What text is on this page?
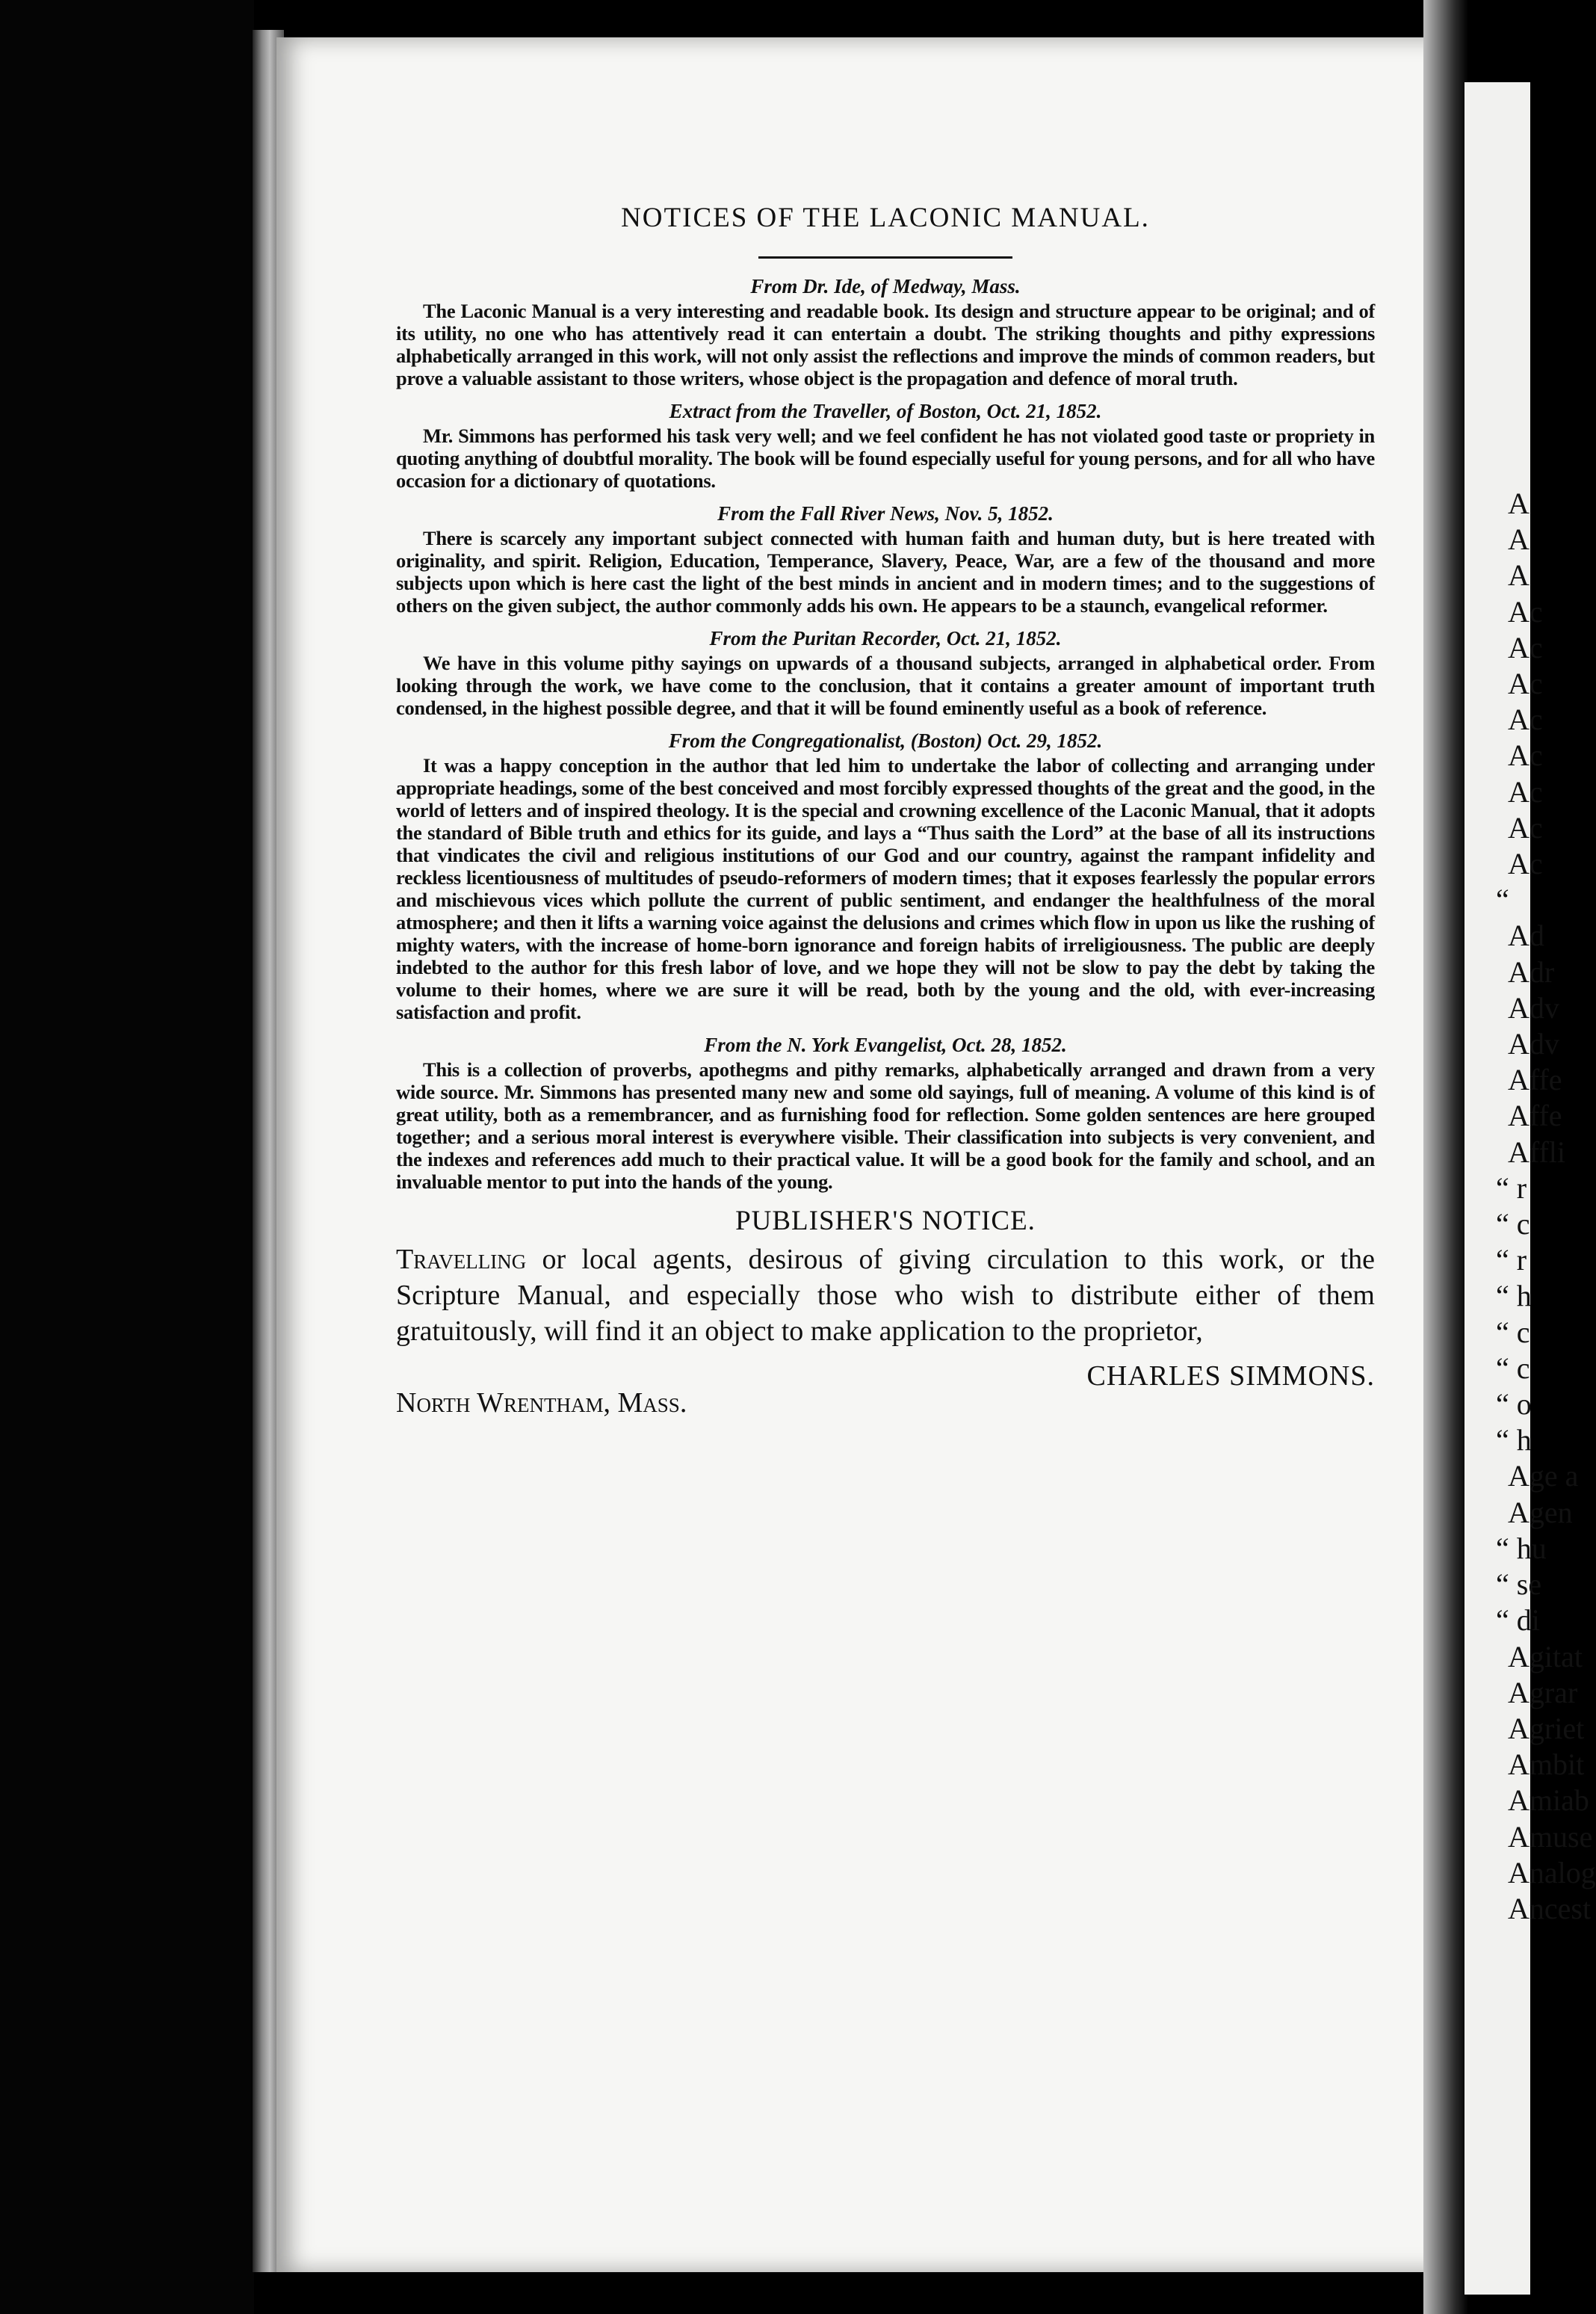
NOTICES OF THE LACONIC MANUAL.

From Dr. Ide, of Medway, Mass.

The Laconic Manual is a very interesting and readable book. Its design and structure appear to be original; and of its utility, no one who has attentively read it can entertain a doubt. The striking thoughts and pithy expressions alphabetically arranged in this work, will not only assist the reflections and improve the minds of common readers, but prove a valuable assistant to those writers, whose object is the propagation and defence of moral truth.

Extract from the Traveller, of Boston, Oct. 21, 1852.

Mr. Simmons has performed his task very well; and we feel confident he has not violated good taste or propriety in quoting anything of doubtful morality. The book will be found especially useful for young persons, and for all who have occasion for a dictionary of quotations.

From the Fall River News, Nov. 5, 1852.

There is scarcely any important subject connected with human faith and human duty, but is here treated with originality, and spirit. Religion, Education, Temperance, Slavery, Peace, War, are a few of the thousand and more subjects upon which is here cast the light of the best minds in ancient and in modern times; and to the suggestions of others on the given subject, the author commonly adds his own. He appears to be a staunch, evangelical reformer.

From the Puritan Recorder, Oct. 21, 1852.

We have in this volume pithy sayings on upwards of a thousand subjects, arranged in alphabetical order. From looking through the work, we have come to the conclusion, that it contains a greater amount of important truth condensed, in the highest possible degree, and that it will be found eminently useful as a book of reference.

From the Congregationalist, (Boston) Oct. 29, 1852.

It was a happy conception in the author that led him to undertake the labor of collecting and arranging under appropriate headings, some of the best conceived and most forcibly expressed thoughts of the great and the good, in the world of letters and of inspired theology. It is the special and crowning excellence of the Laconic Manual, that it adopts the standard of Bible truth and ethics for its guide, and lays a “Thus saith the Lord” at the base of all its instructions that vindicates the civil and religious institutions of our God and our country, against the rampant infidelity and reckless licentiousness of multitudes of pseudo-reformers of modern times; that it exposes fearlessly the popular errors and mischievous vices which pollute the current of public sentiment, and endanger the healthfulness of the moral atmosphere; and then it lifts a warning voice against the delusions and crimes which flow in upon us like the rushing of mighty waters, with the increase of home-born ignorance and foreign habits of irreligiousness. The public are deeply indebted to the author for this fresh labor of love, and we hope they will not be slow to pay the debt by taking the volume to their homes, where we are sure it will be read, both by the young and the old, with ever-increasing satisfaction and profit.

From the N. York Evangelist, Oct. 28, 1852.

This is a collection of proverbs, apothegms and pithy remarks, alphabetically arranged and drawn from a very wide source. Mr. Simmons has presented many new and some old sayings, full of meaning. A volume of this kind is of great utility, both as a remembrancer, and as furnishing food for reflection. Some golden sentences are here grouped together; and a serious moral interest is everywhere visible. Their classification into subjects is very convenient, and the indexes and references add much to their practical value. It will be a good book for the family and school, and an invaluable mentor to put into the hands of the young.

PUBLISHER'S NOTICE.

Travelling or local agents, desirous of giving circulation to this work, or the Scripture Manual, and especially those who wish to distribute either of them gratuitously, will find it an object to make application to the proprietor,

North Wrentham, Mass.
CHARLES SIMMONS.
A
A
A
Ac
Ac
Ac
Ac
Ac
Ac
Ac
Ac
“
Ad
Adr
Adv
Adv
Affe
Affe
Affli
“ r
“ c
“ r
“ h
“ c
“ c
“ o
“ h
Age a
Agen
“ hu
“ se
“ di
Agitat
Agrar
Agriet
Ambit
Amiab
Amuse
Analog
Ancest
